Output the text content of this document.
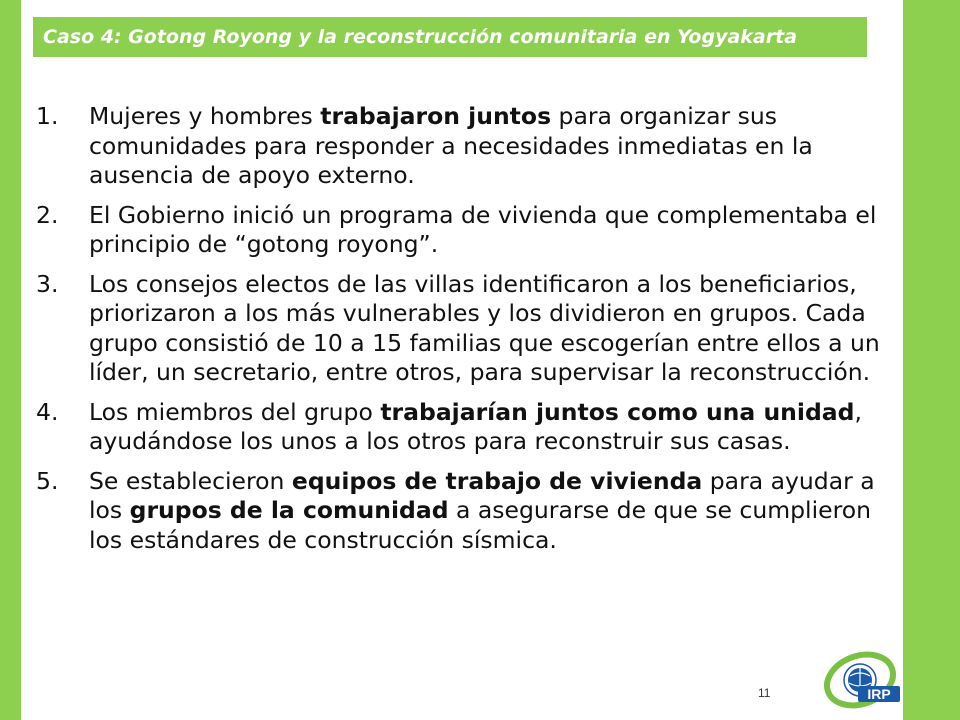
Caso 4: Gotong Royong y la reconstrucción comunitaria en Yogyakarta
1. Mujeres y hombres trabajaron juntos para organizar sus comunidades para responder a necesidades inmediatas en la ausencia de apoyo externo.
2. El Gobierno inició un programa de vivienda que complementaba el principio de “gotong royong”.
3. Los consejos electos de las villas identificaron a los beneficiarios, priorizaron a los más vulnerables y los dividieron en grupos. Cada grupo consistió de 10 a 15 familias que escogerían entre ellos a un líder, un secretario, entre otros, para supervisar la reconstrucción.
4. Los miembros del grupo trabajarían juntos como una unidad, ayudándose los unos a los otros para reconstruir sus casas.
5. Se establecieron equipos de trabajo de vivienda para ayudar a los grupos de la comunidad a asegurarse de que se cumplieron los estándares de construcción sísmica.
11	IRP
